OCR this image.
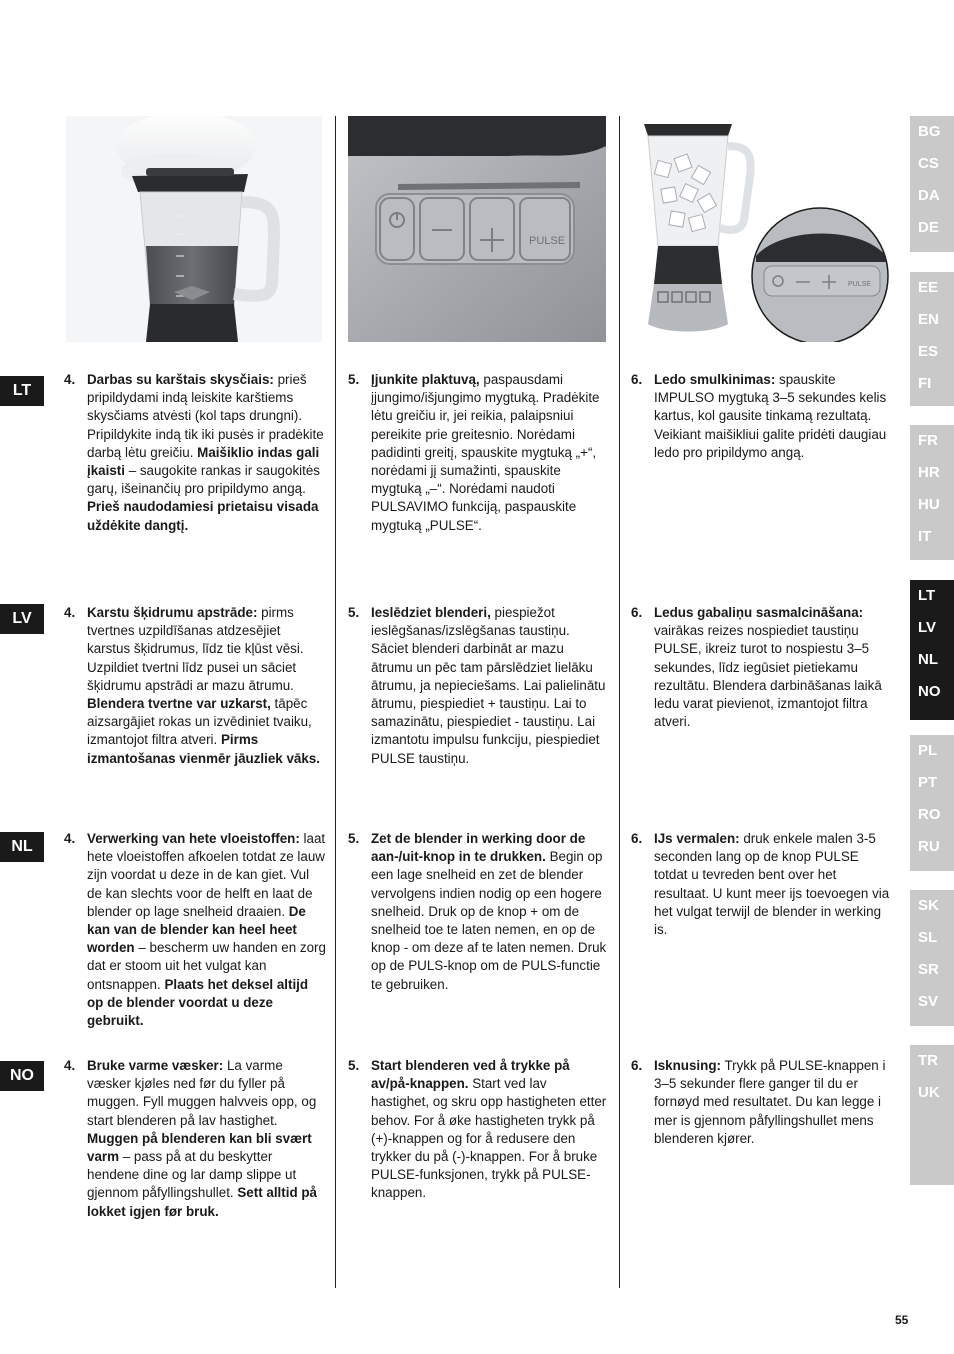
PULSE
PULSE
LT
LV
NL
NO
4. Darbas su karštais skysčiais: prieš pripildydami indą leiskite karštiems skysčiams atvėsti (kol taps drungni). Pripildykite indą tik iki pusės ir pradėkite darbą lėtu greičiu. Maišiklio indas gali įkaisti – saugokite rankas ir saugokitės garų, išeinančių pro pripildymo angą. Prieš naudodamiesi prietaisu visada uždėkite dangtį.
5. Įjunkite plaktuvą, paspausdami įjungimo/išjungimo mygtuką. Pradėkite lėtu greičiu ir, jei reikia, palaipsniui pereikite prie greitesnio. Norėdami padidinti greitį, spauskite mygtuką „+“, norėdami jį sumažinti, spauskite mygtuką „–“. Norėdami naudoti PULSAVIMO funkciją, paspauskite mygtuką „PULSE“.
6. Ledo smulkinimas: spauskite IMPULSO mygtuką 3–5 sekundes kelis kartus, kol gausite tinkamą rezultatą. Veikiant maišikliui galite pridėti daugiau ledo pro pripildymo angą.
4. Karstu šķidrumu apstrāde: pirms tvertnes uzpildīšanas atdzesējiet karstus šķidrumus, līdz tie kļūst vēsi. Uzpildiet tvertni līdz pusei un sāciet šķidrumu apstrādi ar mazu ātrumu. Blendera tvertne var uzkarst, tāpēc aizsargājiet rokas un izvēdiniet tvaiku, izmantojot filtra atveri. Pirms izmantošanas vienmēr jāuzliek vāks.
5. Ieslēdziet blenderi, piespiežot ieslēgšanas/izslēgšanas taustiņu. Sāciet blenderi darbināt ar mazu ātrumu un pēc tam pārslēdziet lielāku ātrumu, ja nepieciešams. Lai palielinātu ātrumu, piespiediet + taustiņu. Lai to samazinātu, piespiediet - taustiņu. Lai izmantotu impulsu funkciju, piespiediet PULSE taustiņu.
6. Ledus gabaliņu sasmalcināšana: vairākas reizes nospiediet taustiņu PULSE, ikreiz turot to nospiestu 3–5 sekundes, līdz iegūsiet pietiekamu rezultātu. Blendera darbināšanas laikā ledu varat pievienot, izmantojot filtra atveri.
4. Verwerking van hete vloeistoffen: laat hete vloeistoffen afkoelen totdat ze lauw zijn voordat u deze in de kan giet. Vul de kan slechts voor de helft en laat de blender op lage snelheid draaien. De kan van de blender kan heel heet worden – bescherm uw handen en zorg dat er stoom uit het vulgat kan ontsnappen. Plaats het deksel altijd op de blender voordat u deze gebruikt.
5. Zet de blender in werking door de aan-/uit-knop in te drukken. Begin op een lage snelheid en zet de blender vervolgens indien nodig op een hogere snelheid. Druk op de knop + om de snelheid toe te laten nemen, en op de knop - om deze af te laten nemen. Druk op de PULS-knop om de PULS-functie te gebruiken.
6. IJs vermalen: druk enkele malen 3-5 seconden lang op de knop PULSE totdat u tevreden bent over het resultaat. U kunt meer ijs toevoegen via het vulgat terwijl de blender in werking is.
4. Bruke varme væsker: La varme væsker kjøles ned før du fyller på muggen. Fyll muggen halvveis opp, og start blenderen på lav hastighet. Muggen på blenderen kan bli svært varm – pass på at du beskytter hendene dine og lar damp slippe ut gjennom påfyllingshullet. Sett alltid på lokket igjen før bruk.
5. Start blenderen ved å trykke på av/på-knappen. Start ved lav hastighet, og skru opp hastigheten etter behov. For å øke hastigheten trykk på (+)-knappen og for å redusere den trykker du på (-)-knappen. For å bruke PULSE-funksjonen, trykk på PULSE-knappen.
6. Isknusing: Trykk på PULSE-knappen i 3–5 sekunder flere ganger til du er fornøyd med resultatet. Du kan legge i mer is gjennom påfyllingshullet mens blenderen kjører.
BG
CS
DA
DE
EE
EN
ES
FI
FR
HR
HU
IT
LT
LV
NL
NO
PL
PT
RO
RU
SK
SL
SR
SV
TR
UK
55
